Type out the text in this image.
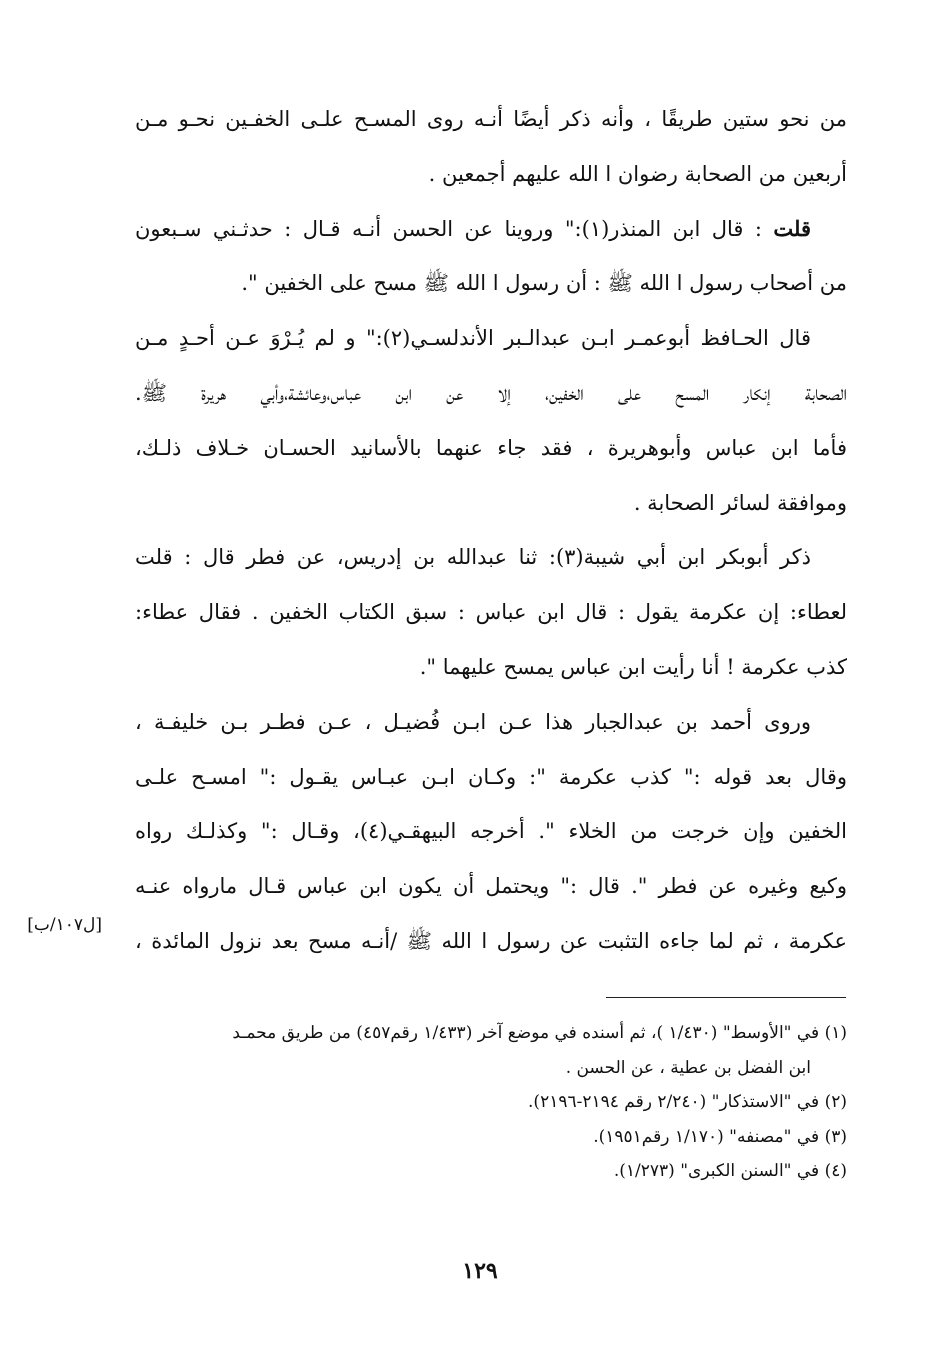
من نحو ستين طريقًا ، وأنه ذكر أيضًا أنـه روى المسـح علـى الخفـين نحـو مـن
أربعين من الصحابة رضوان ا الله عليهم أجمعين .
قلت : قال ابن المنذر(١):" وروينا عن الحسن أنـه قـال : حدثـني سـبعون
من أصحاب رسول ا الله ﷺ : أن رسول ا الله ﷺ مسح على الخفين ".
قال الحـافظ أبوعمـر ابـن عبدالـبر الأندلسـي(٢):" و لم يُـرْوَ عـن أحـدٍ مـن
الصحابة إنكار المسح على الخفين، إلا عن ابن عباس،وعائشة،وأبي هريرة ﷺ.
فأما ابن عباس وأبوهريرة ، فقد جاء عنهما بالأسانيد الحسـان خـلاف ذلـك،
وموافقة لسائر الصحابة .
ذكر أبوبكر ابن أبي شيبة(٣): ثنا عبدالله بن إدريس، عن فطر قال : قلت
لعطاء: إن عكرمة يقول : قال ابن عباس : سبق الكتاب الخفين . فقال عطاء:
كذب عكرمة ! أنا رأيت ابن عباس يمسح عليهما ".
وروى أحمد بن عبدالجبار هذا عـن ابـن فُضيـل ، عـن فطـر بـن خليفـة ،
وقال بعد قوله :" كذب عكرمة ": وكـان ابـن عبـاس يقـول :" امسـح علـى
الخفين وإن خرجت من الخلاء ". أخرجه البيهقـي(٤)، وقـال :" وكذلـك رواه
وكيع وغيره عن فطر ". قال :" ويحتمل أن يكون ابن عباس قـال مارواه عنـه
عكرمة ، ثم لما جاءه التثبت عن رسول ا الله ﷺ /أنـه مسح بعد نزول المائدة ،
[ل١٠٧/ب]
(١) في "الأوسط" (١/٤٣٠ )، ثم أسنده في موضع آخر (١/٤٣٣ رقم٤٥٧) من طريق محمـد
ابن الفضل بن عطية ، عن الحسن .
(٢) في "الاستذكار" (٢/٢٤٠ رقم ٢١٩٤-٢١٩٦).
(٣) في "مصنفه" (١/١٧٠ رقم١٩٥١).
(٤) في "السنن الكبرى" (١/٢٧٣).
١٢٩
